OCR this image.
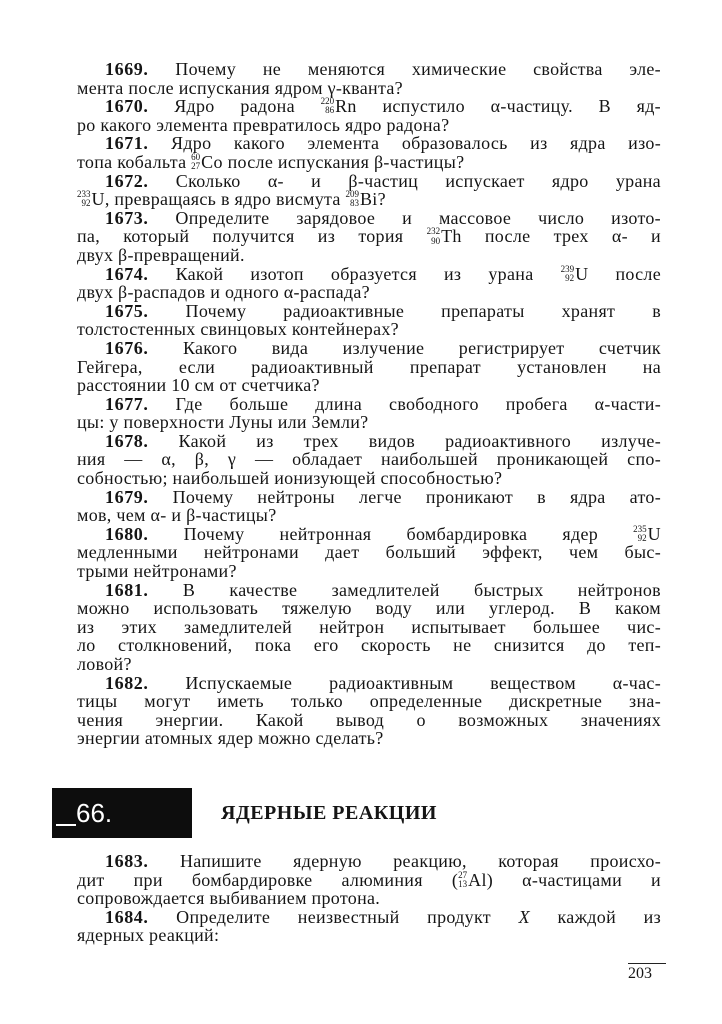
1669. Почему не меняются химические свойства эле-
мента после испускания ядром γ-кванта?
1670. Ядро радона 220
86 Rn испустило α-частицу. В яд-
ро какого элемента превратилось ядро радона?
1671. Ядро какого элемента образовалось из ядра изо-
топа кобальта 60
27 Co после испускания β-частицы?
1672. Сколько α- и β-частиц испускает ядро урана
233
92 U, превращаясь в ядро висмута 209
83 Bi?
1673. Определите зарядовое и массовое число изото-
па, который получится из тория 232
90 Th после трех α- и
двух β-превращений.
1674. Какой изотоп образуется из урана 239
92 U после
двух β-распадов и одного α-распада?
1675. Почему радиоактивные препараты хранят в
толстостенных свинцовых контейнерах?
1676. Какого вида излучение регистрирует счетчик
Гейгера, если радиоактивный препарат установлен на
расстоянии 10 см от счетчика?
1677. Где больше длина свободного пробега α-части-
цы: у поверхности Луны или Земли?
1678. Какой из трех видов радиоактивного излуче-
ния — α, β, γ — обладает наибольшей проникающей спо-
собностью; наибольшей ионизующей способностью?
1679. Почему нейтроны легче проникают в ядра ато-
мов, чем α- и β-частицы?
1680. Почему нейтронная бомбардировка ядер 235
92 U
медленными нейтронами дает больший эффект, чем быс-
трыми нейтронами?
1681. В качестве замедлителей быстрых нейтронов
можно использовать тяжелую воду или углерод. В каком
из этих замедлителей нейтрон испытывает большее чис-
ло столкновений, пока его скорость не снизится до теп-
ловой?
1682. Испускаемые радиоактивным веществом α-час-
тицы могут иметь только определенные дискретные зна-
чения энергии. Какой вывод о возможных значениях
энергии атомных ядер можно сделать?
66.	ЯДЕРНЫЕ РЕАКЦИИ
1683. Напишите ядерную реакцию, которая происхо-
дит при бомбардировке алюминия ( 27
13 Al) α-частицами и
сопровождается выбиванием протона.
1684. Определите неизвестный продукт X каждой из
ядерных реакций:
203
